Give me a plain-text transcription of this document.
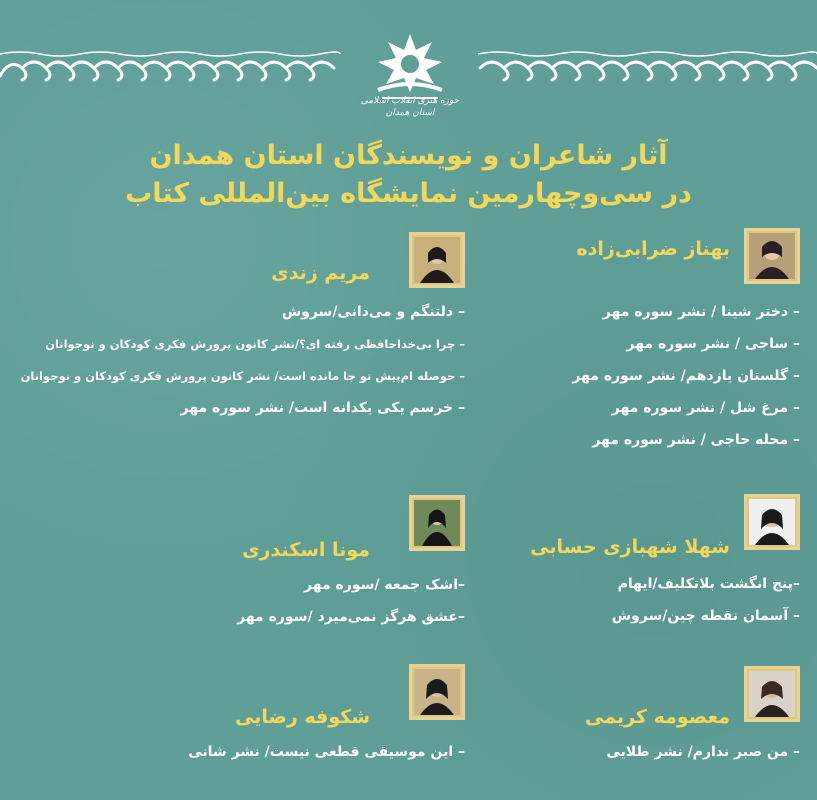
حوزه هنری انقلاب اسلامی
استان همدان
آثار شاعران و نویسندگان استان همدان
در سی‌وچهارمین نمایشگاه بین‌المللی کتاب
بهناز ضرابی‌زاده
– دختر شینا / نشر سوره مهر
– ساجی / نشر سوره مهر
– گلستان یازدهم/ نشر سوره مهر
– مرغ شل / نشر سوره مهر
– محله حاجی / نشر سوره مهر
مریم زندی
– دلتنگم و می‌دانی/سروش
– چرا بی‌خداحافظی رفته ای؟/نشر کانون پرورش فکری کودکان و نوجوانان
– حوصله ام‌پیش تو جا مانده است/ نشر کانون پرورش فکری کودکان و نوجوانان
– خرسم یکی یکدانه است/ نشر سوره مهر
شهلا شهبازی حسابی
–پنج انگشت بلاتکلیف/ایهام
– آسمان نقطه چین/سروش
مونا اسکندری
–اشک جمعه /سوره مهر
–عشق هرگز نمی‌میرد /سوره مهر
معصومه کریمی
– من صبر ندارم/ نشر طلایی
شکوفه رضایی
– این موسیقی قطعی نیست/ نشر شانی
